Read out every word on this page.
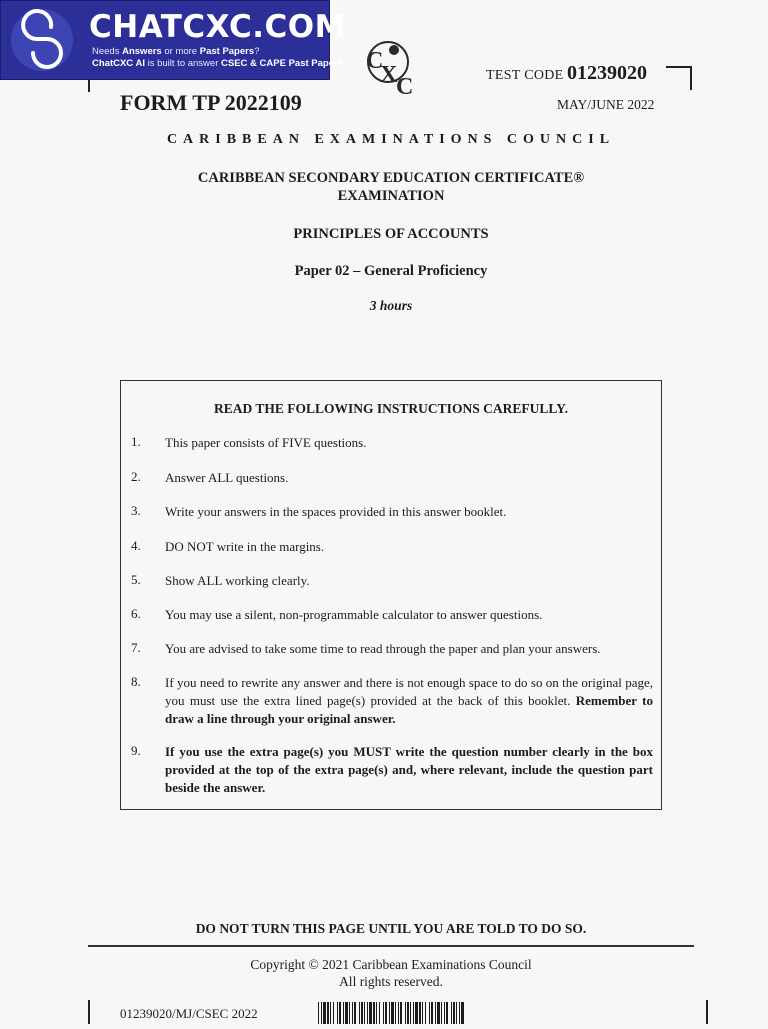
CHATCXC.COM
Needs Answers or more Past Papers?
ChatCXC AI is built to answer CSEC & CAPE Past Papers. C
X
C	TEST CODE 01239020
FORM TP 2022109	MAY/JUNE 2022
CARIBBEAN EXAMINATIONS COUNCIL
CARIBBEAN SECONDARY EDUCATION CERTIFICATE®
EXAMINATION
PRINCIPLES OF ACCOUNTS
Paper 02 – General Proficiency
3 hours
READ THE FOLLOWING INSTRUCTIONS CAREFULLY.
1. This paper consists of FIVE questions.
2. Answer ALL questions.
3. Write your answers in the spaces provided in this answer booklet.
4. DO NOT write in the margins.
5. Show ALL working clearly.
6. You may use a silent, non-programmable calculator to answer questions.
7. You are advised to take some time to read through the paper and plan your answers.
8. If you need to rewrite any answer and there is not enough space to do so on the original page, you must use the extra lined page(s) provided at the back of this booklet. Remember to draw a line through your original answer.
9. If you use the extra page(s) you MUST write the question number clearly in the box provided at the top of the extra page(s) and, where relevant, include the question part beside the answer.
DO NOT TURN THIS PAGE UNTIL YOU ARE TOLD TO DO SO.
Copyright © 2021 Caribbean Examinations Council
All rights reserved.
01239020/MJ/CSEC 2022
